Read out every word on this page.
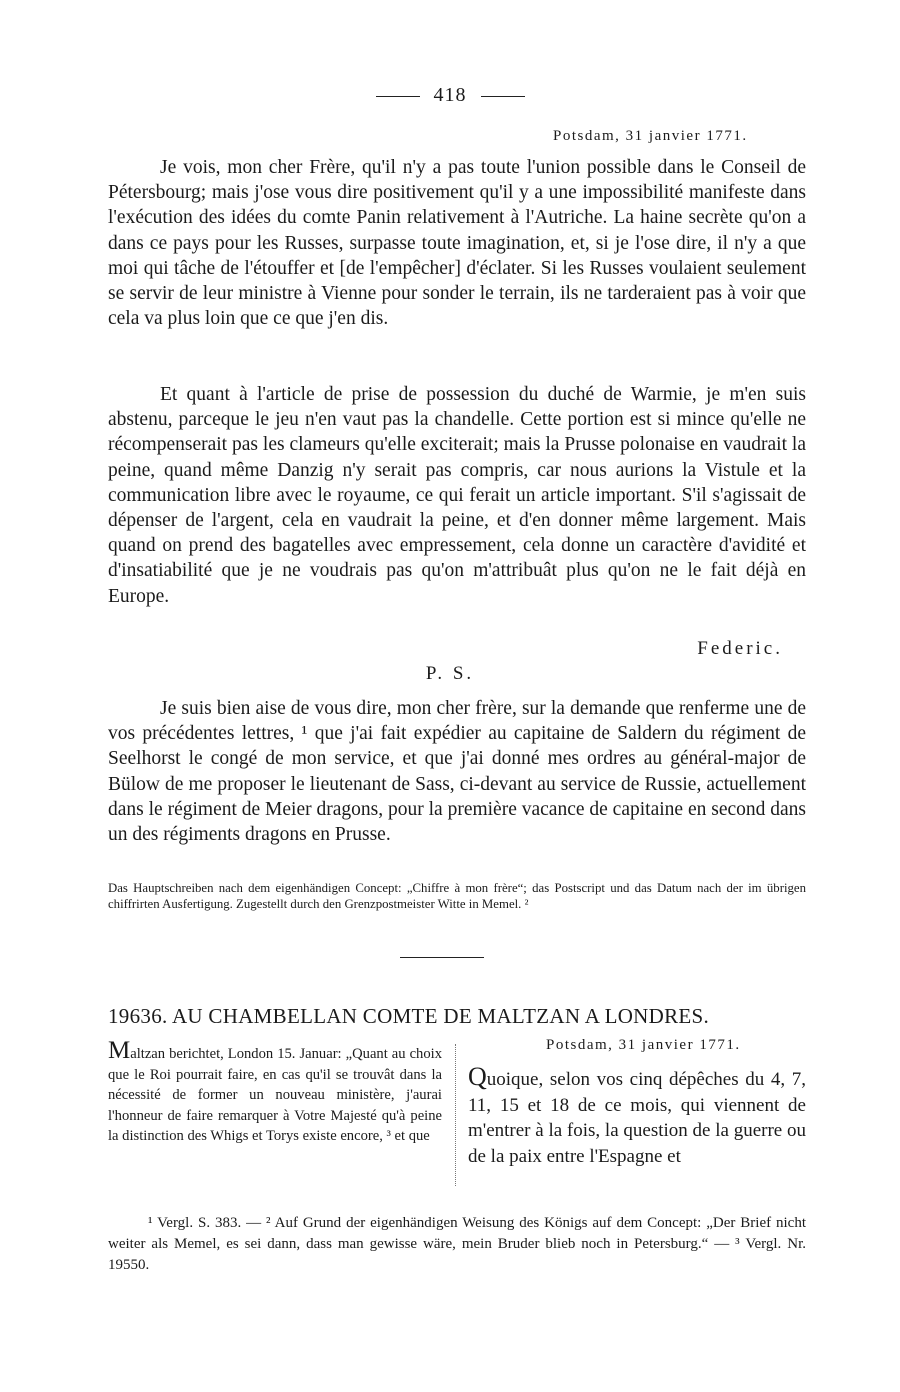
418
Potsdam, 31 janvier 1771.

Je vois, mon cher Frère, qu'il n'y a pas toute l'union possible dans le Conseil de Pétersbourg; mais j'ose vous dire positivement qu'il y a une impossibilité manifeste dans l'exécution des idées du comte Panin relativement à l'Autriche. La haine secrète qu'on a dans ce pays pour les Russes, surpasse toute imagination, et, si je l'ose dire, il n'y a que moi qui tâche de l'étouffer et [de l'empêcher] d'éclater. Si les Russes voulaient seulement se servir de leur ministre à Vienne pour sonder le terrain, ils ne tarderaient pas à voir que cela va plus loin que ce que j'en dis.

Et quant à l'article de prise de possession du duché de Warmie, je m'en suis abstenu, parceque le jeu n'en vaut pas la chandelle. Cette portion est si mince qu'elle ne récompenserait pas les clameurs qu'elle exciterait; mais la Prusse polonaise en vaudrait la peine, quand même Danzig n'y serait pas compris, car nous aurions la Vistule et la communication libre avec le royaume, ce qui ferait un article important. S'il s'agissait de dépenser de l'argent, cela en vaudrait la peine, et d'en donner même largement. Mais quand on prend des bagatelles avec empressement, cela donne un caractère d'avidité et d'insatiabilité que je ne voudrais pas qu'on m'attribuât plus qu'on ne le fait déjà en Europe.

Federic.
P. S.

Je suis bien aise de vous dire, mon cher frère, sur la demande que renferme une de vos précédentes lettres, ¹ que j'ai fait expédier au capitaine de Saldern du régiment de Seelhorst le congé de mon service, et que j'ai donné mes ordres au général-major de Bülow de me proposer le lieutenant de Sass, ci-devant au service de Russie, actuellement dans le régiment de Meier dragons, pour la première vacance de capitaine en second dans un des régiments dragons en Prusse.

Das Hauptschreiben nach dem eigenhändigen Concept: „Chiffre à mon frère“; das Postscript und das Datum nach der im übrigen chiffrirten Ausfertigung. Zugestellt durch den Grenzpostmeister Witte in Memel. ²
19636. AU CHAMBELLAN COMTE DE MALTZAN A LONDRES.
Maltzan berichtet, London 15. Januar: „Quant au choix que le Roi pourrait faire, en cas qu'il se trouvât dans la nécessité de former un nouveau ministère, j'aurai l'honneur de faire remarquer à Votre Majesté qu'à peine la distinction des Whigs et Torys existe encore, ³ et que
Potsdam, 31 janvier 1771.
Quoique, selon vos cinq dépêches du 4, 7, 11, 15 et 18 de ce mois, qui viennent de m'entrer à la fois, la question de la guerre ou de la paix entre l'Espagne et
¹ Vergl. S. 383. — ² Auf Grund der eigenhändigen Weisung des Königs auf dem Concept: „Der Brief nicht weiter als Memel, es sei dann, dass man gewisse wäre, mein Bruder blieb noch in Petersburg.“ — ³ Vergl. Nr. 19550.
